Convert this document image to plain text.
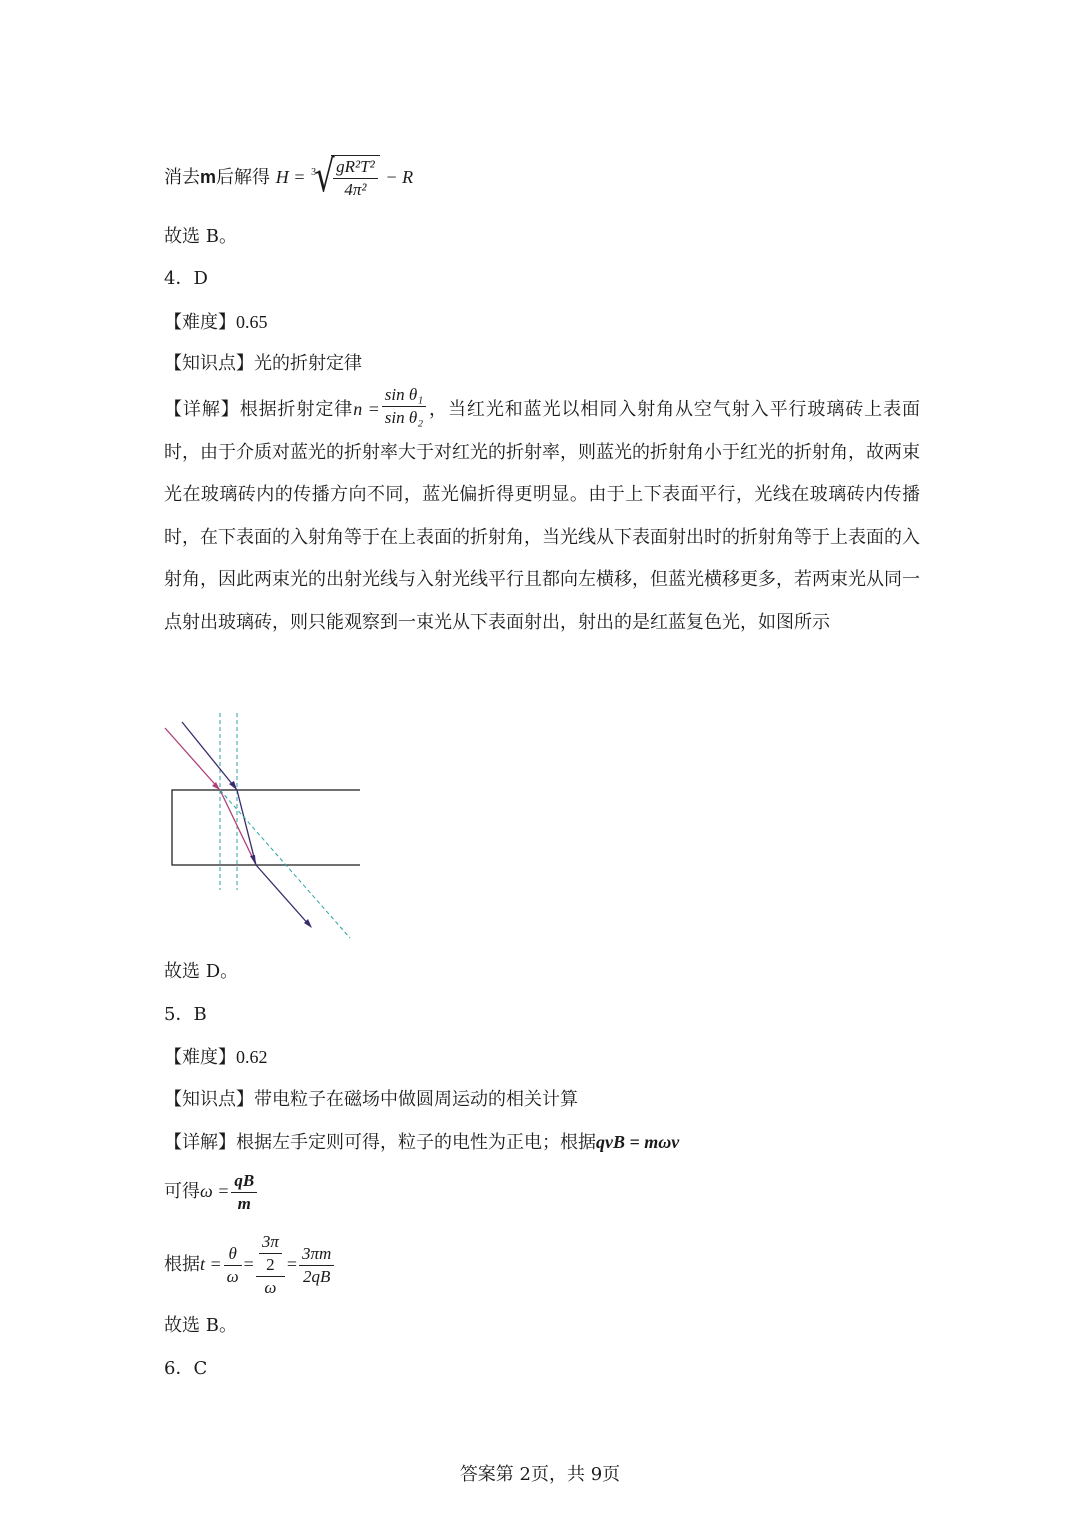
消去m后解得 H = 3 √
$\frac{\text{gR²T²}}{\text{4π²}} - R$
故选 B。
4．D
【难度】0.65
【知识点】光的折射定律
【详解】根据折射定律$n = \frac{\text{sin θ₁}}{\text{sin θ₂}}$ ，当红光和蓝光以相同入射角从空气射入平行玻璃砖上表面时，由于介质对蓝光的折射率大于对红光的折射率，则蓝光的折射角小于红光的折射角，故两束光在玻璃砖内的传播方向不同，蓝光偏折得更明显。由于上下表面平行，光线在玻璃砖内传播时，在下表面的入射角等于在上表面的折射角，当光线从下表面射出时的折射角等于上表面的入射角，因此两束光的出射光线与入射光线平行且都向左横移，但蓝光横移更多，若两束光从同一点射出玻璃砖，则只能观察到一束光从下表面射出，射出的是红蓝复色光，如图所示
故选 D。
5．B
【难度】0.62
【知识点】带电粒子在磁场中做圆周运动的相关计算
【详解】根据左手定则可得，粒子的电性为正电；根据qvB = mωv
可得$\omega = \frac{qB}{m}$
根据$t = \frac{\theta}{\omega} = \frac{\frac{3\pi}{2}}{\omega} = \frac{3\pi m}{2qB}$
故选 B。
6．C
答案第 2页，共 9页
